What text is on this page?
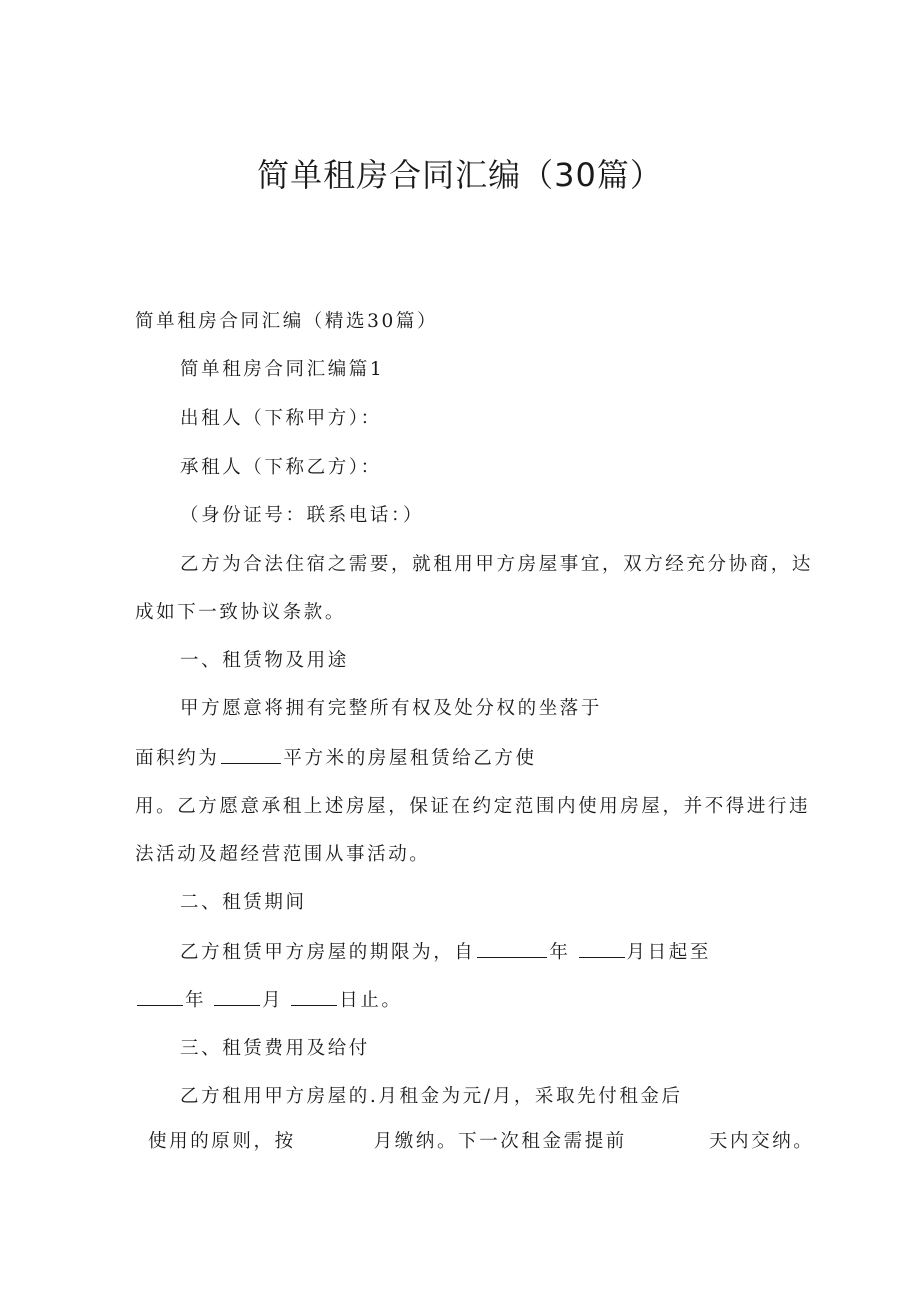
简单租房合同汇编（30篇）
简单租房合同汇编（精选30篇）
简单租房合同汇编篇1
出租人（下称甲方）：
承租人（下称乙方）：
（身份证号：联系电话：）
乙方为合法住宿之需要，就租用甲方房屋事宜，双方经充分协商，达
成如下一致协议条款。
一、租赁物及用途
甲方愿意将拥有完整所有权及处分权的坐落于
面积约为	平方米的房屋租赁给乙方使
用。乙方愿意承租上述房屋，保证在约定范围内使用房屋，并不得进行违
法活动及超经营范围从事活动。
二、租赁期间
乙方租赁甲方房屋的期限为，自	年	月日起至
年	月	日止。
三、租赁费用及给付
乙方租用甲方房屋的.月租金为元/月，采取先付租金后
使用的原则，按	月缴纳。下一次租金需提前	天内交纳。
